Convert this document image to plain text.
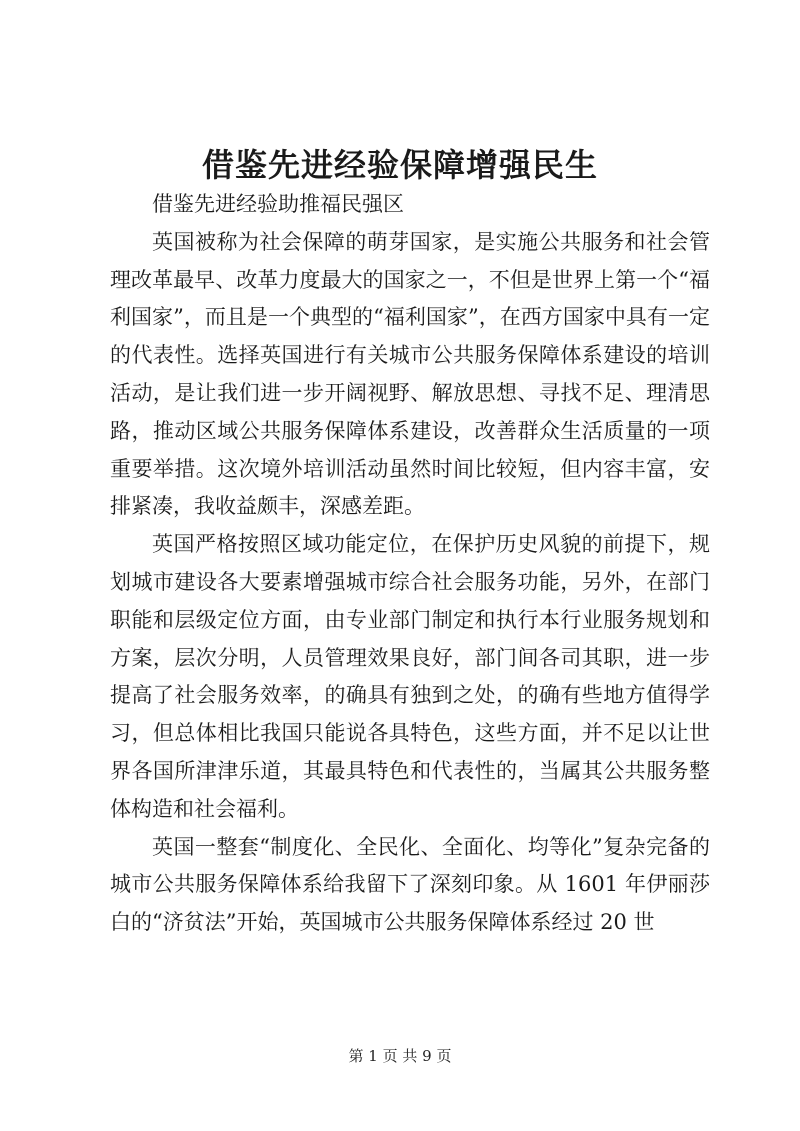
借鉴先进经验保障增强民生

借鉴先进经验助推福民强区

英国被称为社会保障的萌芽国家，是实施公共服务和社会管理改革最早、改革力度最大的国家之一，不但是世界上第一个“福利国家”，而且是一个典型的“福利国家”，在西方国家中具有一定的代表性。选择英国进行有关城市公共服务保障体系建设的培训活动，是让我们进一步开阔视野、解放思想、寻找不足、理清思路，推动区域公共服务保障体系建设，改善群众生活质量的一项重要举措。这次境外培训活动虽然时间比较短，但内容丰富，安排紧凑，我收益颇丰，深感差距。

英国严格按照区域功能定位，在保护历史风貌的前提下，规划城市建设各大要素增强城市综合社会服务功能，另外，在部门职能和层级定位方面，由专业部门制定和执行本行业服务规划和方案，层次分明，人员管理效果良好，部门间各司其职，进一步提高了社会服务效率，的确具有独到之处，的确有些地方值得学习，但总体相比我国只能说各具特色，这些方面，并不足以让世界各国所津津乐道，其最具特色和代表性的，当属其公共服务整体构造和社会福利。

英国一整套“制度化、全民化、全面化、均等化”复杂完备的城市公共服务保障体系给我留下了深刻印象。从 1601 年伊丽莎白的“济贫法”开始，英国城市公共服务保障体系经过 20 世

第 1 页 共 9 页
